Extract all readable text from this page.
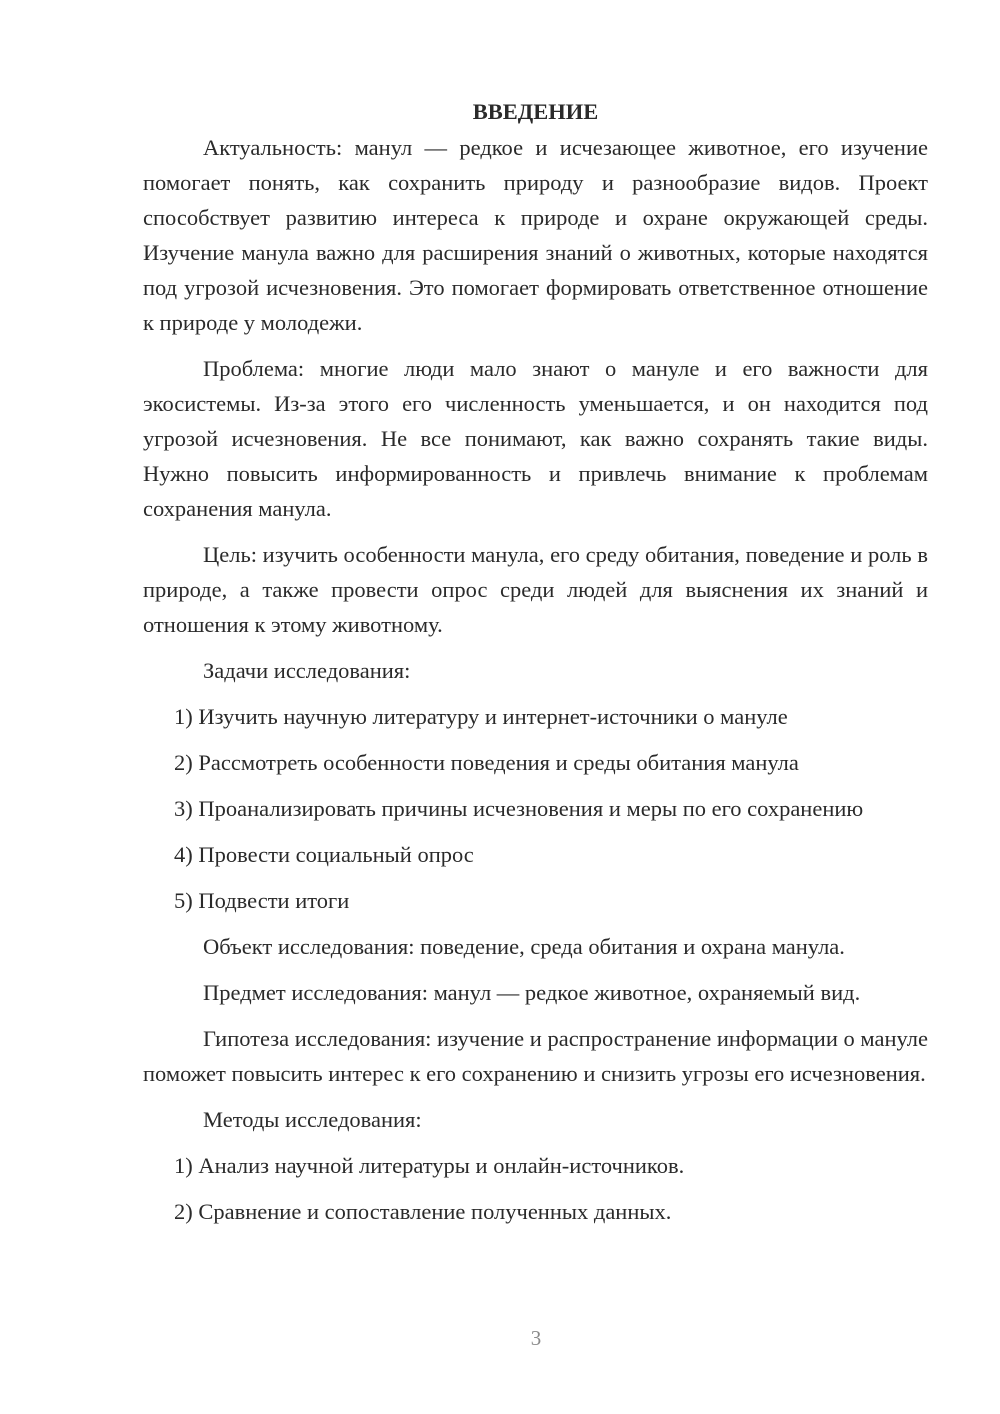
ВВЕДЕНИЕ

Актуальность: манул — редкое и исчезающее животное, его изучение помогает понять, как сохранить природу и разнообразие видов. Проект способствует развитию интереса к природе и охране окружающей среды. Изучение манула важно для расширения знаний о животных, которые находятся под угрозой исчезновения. Это помогает формировать ответственное отношение к природе у молодежи.

Проблема: многие люди мало знают о мануле и его важности для экосистемы. Из-за этого его численность уменьшается, и он находится под угрозой исчезновения. Не все понимают, как важно сохранять такие виды. Нужно повысить информированность и привлечь внимание к проблемам сохранения манула.

Цель: изучить особенности манула, его среду обитания, поведение и роль в природе, а также провести опрос среди людей для выяснения их знаний и отношения к этому животному.

Задачи исследования:

1) Изучить научную литературу и интернет-источники о мануле

2) Рассмотреть особенности поведения и среды обитания манула

3) Проанализировать причины исчезновения и меры по его сохранению

4) Провести социальный опрос

5) Подвести итоги

Объект исследования: поведение, среда обитания и охрана манула.

Предмет исследования: манул — редкое животное, охраняемый вид.

Гипотеза исследования: изучение и распространение информации о мануле поможет повысить интерес к его сохранению и снизить угрозы его исчезновения.

Методы исследования:

1) Анализ научной литературы и онлайн-источников.

2) Сравнение и сопоставление полученных данных.

3
